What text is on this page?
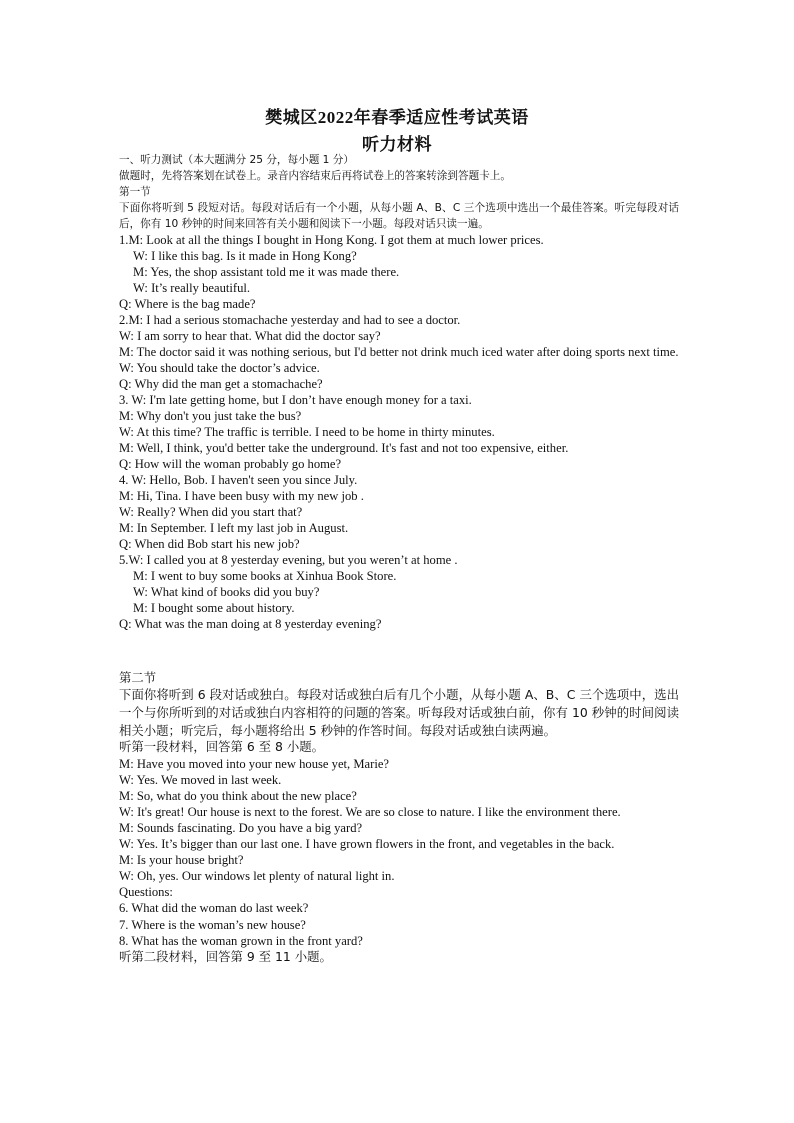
樊城区2022年春季适应性考试英语
听力材料
一、听力测试（本大题满分 25 分，每小题 1 分）
做题时，先将答案划在试卷上。录音内容结束后再将试卷上的答案转涂到答题卡上。
第一节
下面你将听到 5 段短对话。每段对话后有一个小题，从每小题 A、B、C 三个选项中选出一个最佳答案。听完每段对话后，你有 10 秒钟的时间来回答有关小题和阅读下一小题。每段对话只读一遍。
1.M: Look at all the things I bought in Hong Kong. I got them at much lower prices.
W: I like this bag. Is it made in Hong Kong?
M: Yes, the shop assistant told me it was made there.
W: It’s really beautiful.
Q: Where is the bag made?
2.M: I had a serious stomachache yesterday and had to see a doctor.
W: I am sorry to hear that. What did the doctor say?
M: The doctor said it was nothing serious, but I'd better not drink much iced water after doing sports next time.
W: You should take the doctor’s advice.
Q: Why did the man get a stomachache?
3. W: I'm late getting home, but I don’t have enough money for a taxi.
M: Why don't you just take the bus?
W: At this time? The traffic is terrible. I need to be home in thirty minutes.
M: Well, I think, you'd better take the underground. It's fast and not too expensive, either.
Q: How will the woman probably go home?
4. W: Hello, Bob. I haven't seen you since July.
M: Hi, Tina. I have been busy with my new job .
W: Really? When did you start that?
M: In September. I left my last job in August.
Q: When did Bob start his new job?
5.W: I called you at 8 yesterday evening, but you weren’t at home .
M: I went to buy some books at Xinhua Book Store.
W: What kind of books did you buy?
M: I bought some about history.
Q: What was the man doing at 8 yesterday evening?
第二节
下面你将听到 6 段对话或独白。每段对话或独白后有几个小题，从每小题 A、B、C 三个选项中，选出一个与你所听到的对话或独白内容相符的问题的答案。听每段对话或独白前，你有 10 秒钟的时间阅读相关小题；听完后，每小题将给出 5 秒钟的作答时间。每段对话或独白读两遍。
听第一段材料，回答第 6 至 8 小题。
M: Have you moved into your new house yet, Marie?
W: Yes. We moved in last week.
M: So, what do you think about the new place?
W: It's great! Our house is next to the forest. We are so close to nature. I like the environment there.
M: Sounds fascinating. Do you have a big yard?
W: Yes. It’s bigger than our last one. I have grown flowers in the front, and vegetables in the back.
M: Is your house bright?
W: Oh, yes. Our windows let plenty of natural light in.
Questions:
6. What did the woman do last week?
7. Where is the woman’s new house?
8. What has the woman grown in the front yard?
听第二段材料，回答第 9 至 11 小题。
